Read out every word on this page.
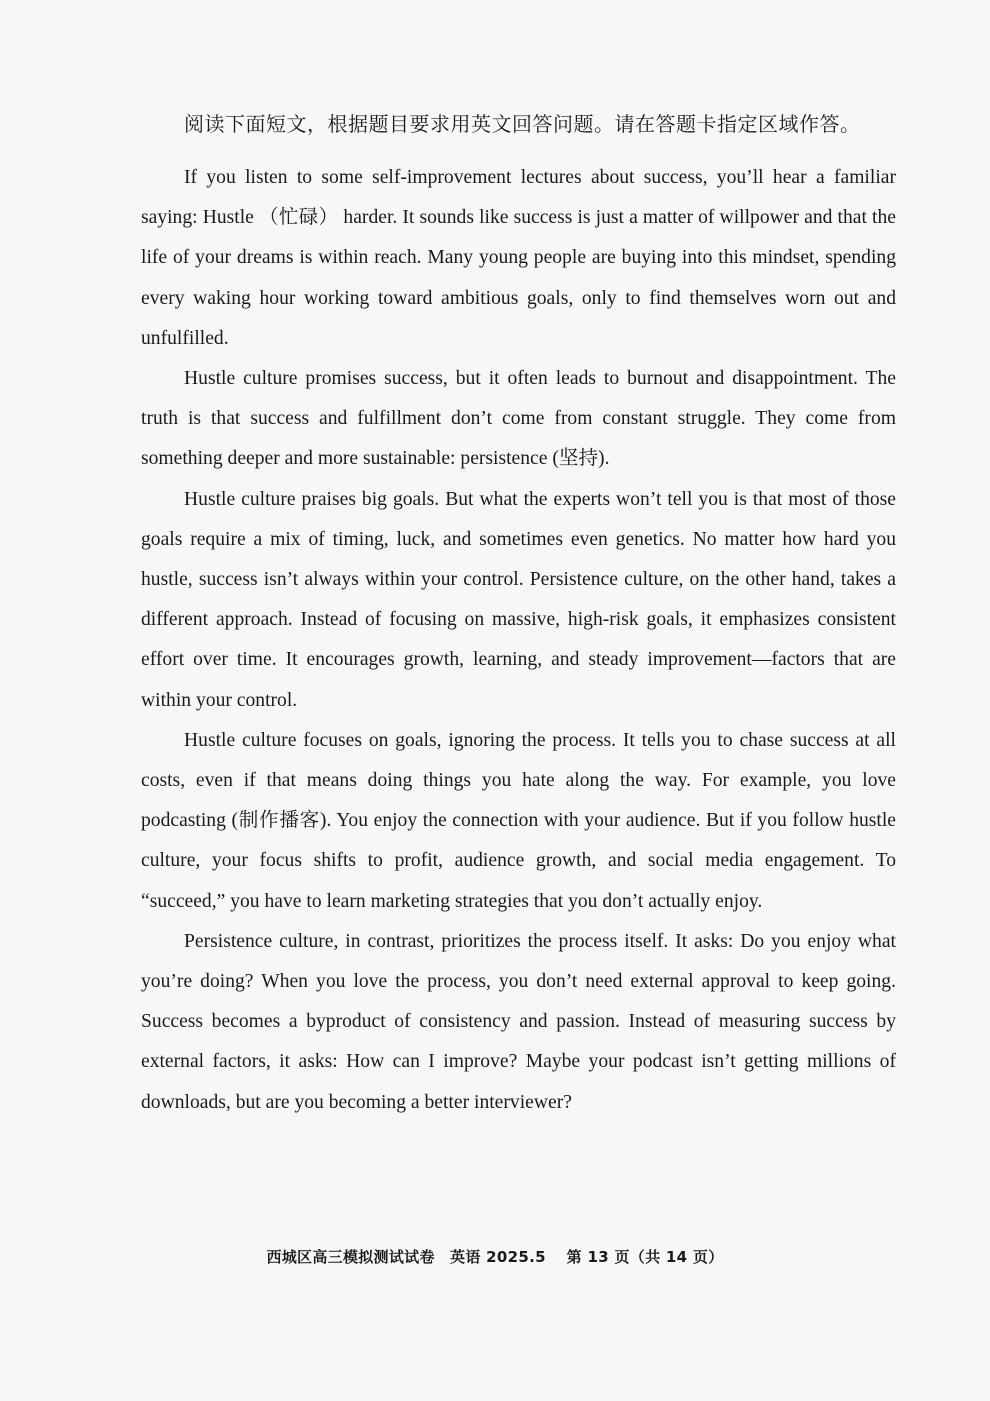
阅读下面短文，根据题目要求用英文回答问题。请在答题卡指定区域作答。

If you listen to some self-improvement lectures about success, you’ll hear a familiar saying: Hustle （忙碌） harder. It sounds like success is just a matter of willpower and that the life of your dreams is within reach. Many young people are buying into this mindset, spending every waking hour working toward ambitious goals, only to find themselves worn out and unfulfilled.

Hustle culture promises success, but it often leads to burnout and disappointment. The truth is that success and fulfillment don’t come from constant struggle. They come from something deeper and more sustainable: persistence (坚持).

Hustle culture praises big goals. But what the experts won’t tell you is that most of those goals require a mix of timing, luck, and sometimes even genetics. No matter how hard you hustle, success isn’t always within your control. Persistence culture, on the other hand, takes a different approach. Instead of focusing on massive, high-risk goals, it emphasizes consistent effort over time. It encourages growth, learning, and steady improvement—factors that are within your control.

Hustle culture focuses on goals, ignoring the process. It tells you to chase success at all costs, even if that means doing things you hate along the way. For example, you love podcasting (制作播客). You enjoy the connection with your audience. But if you follow hustle culture, your focus shifts to profit, audience growth, and social media engagement. To “succeed,” you have to learn marketing strategies that you don’t actually enjoy.

Persistence culture, in contrast, prioritizes the process itself. It asks: Do you enjoy what you’re doing? When you love the process, you don’t need external approval to keep going. Success becomes a byproduct of consistency and passion. Instead of measuring success by external factors, it asks: How can I improve? Maybe your podcast isn’t getting millions of downloads, but are you becoming a better interviewer?

西城区高三模拟测试试卷　英语 2025.5　 第 13 页（共 14 页）
